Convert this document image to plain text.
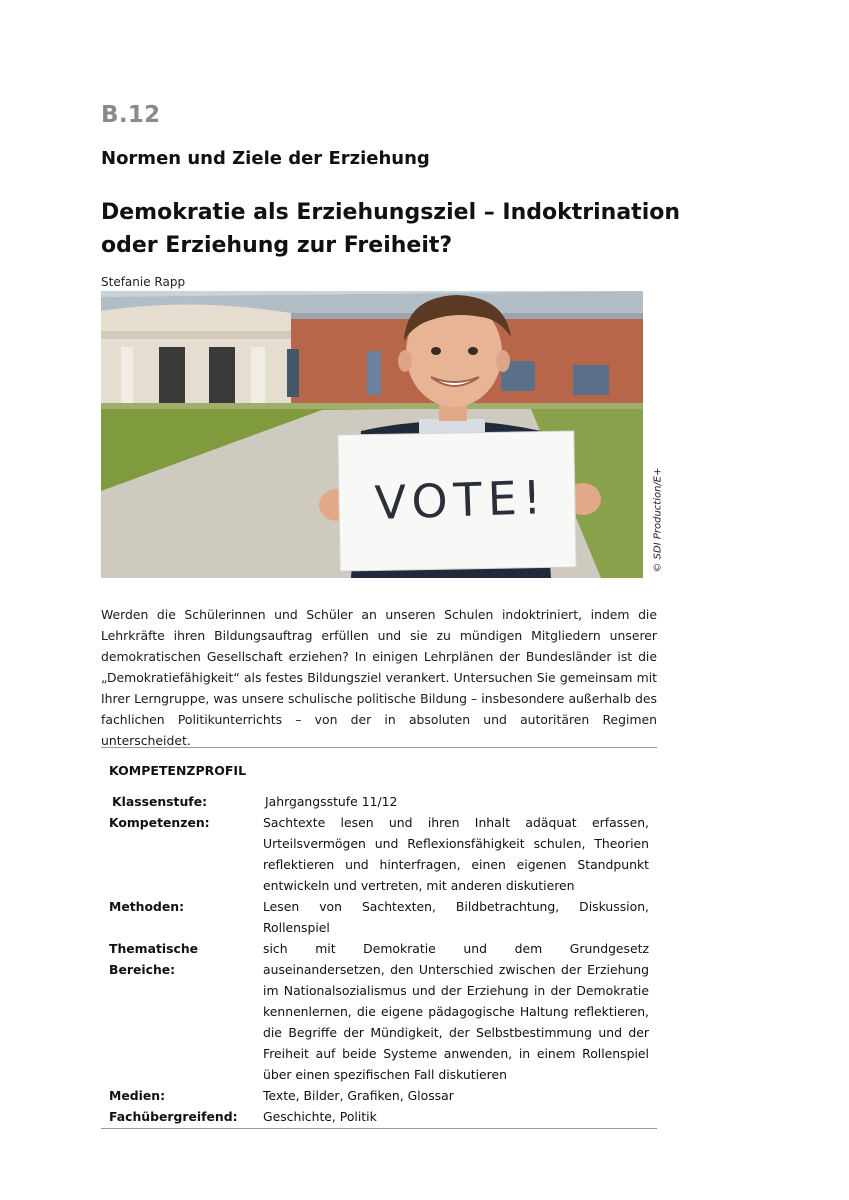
B.12
Normen und Ziele der Erziehung
Demokratie als Erziehungsziel – Indoktrination
oder Erziehung zur Freiheit?
Stefanie Rapp
VOTE!	© SDI Production/E+
Werden die Schülerinnen und Schüler an unseren Schulen indoktriniert, indem die Lehrkräfte ihren Bildungsauftrag erfüllen und sie zu mündigen Mitgliedern unserer demokratischen Gesellschaft erziehen? In einigen Lehrplänen der Bundesländer ist die „Demokratiefähigkeit“ als festes Bildungsziel verankert. Untersuchen Sie gemeinsam mit Ihrer Lerngruppe, was unsere schulische politische Bildung – insbesondere außerhalb des fachlichen Politikunterrichts – von der in absoluten und autoritären Regimen unterscheidet.
KOMPETENZPROFIL
Klassenstufe:	Jahrgangsstufe 11/12
Kompetenzen:	Sachtexte lesen und ihren Inhalt adäquat erfassen, Urteilsvermögen und Reflexionsfähigkeit schulen, Theorien reflektieren und hinterfragen, einen eigenen Standpunkt entwickeln und vertreten, mit anderen diskutieren
Methoden:	Lesen von Sachtexten, Bildbetrachtung, Diskussion, Rollenspiel
Thematische Bereiche:
sich mit Demokratie und dem Grundgesetz auseinandersetzen, den Unterschied zwischen der Erziehung im Nationalsozialismus und der Erziehung in der Demokratie kennenlernen, die eigene pädagogische Haltung reflektieren, die Begriffe der Mündigkeit, der Selbstbestimmung und der Freiheit auf beide Systeme anwenden, in einem Rollenspiel über einen spezifischen Fall diskutieren
Medien:	Texte, Bilder, Grafiken, Glossar
Fachübergreifend:	Geschichte, Politik
